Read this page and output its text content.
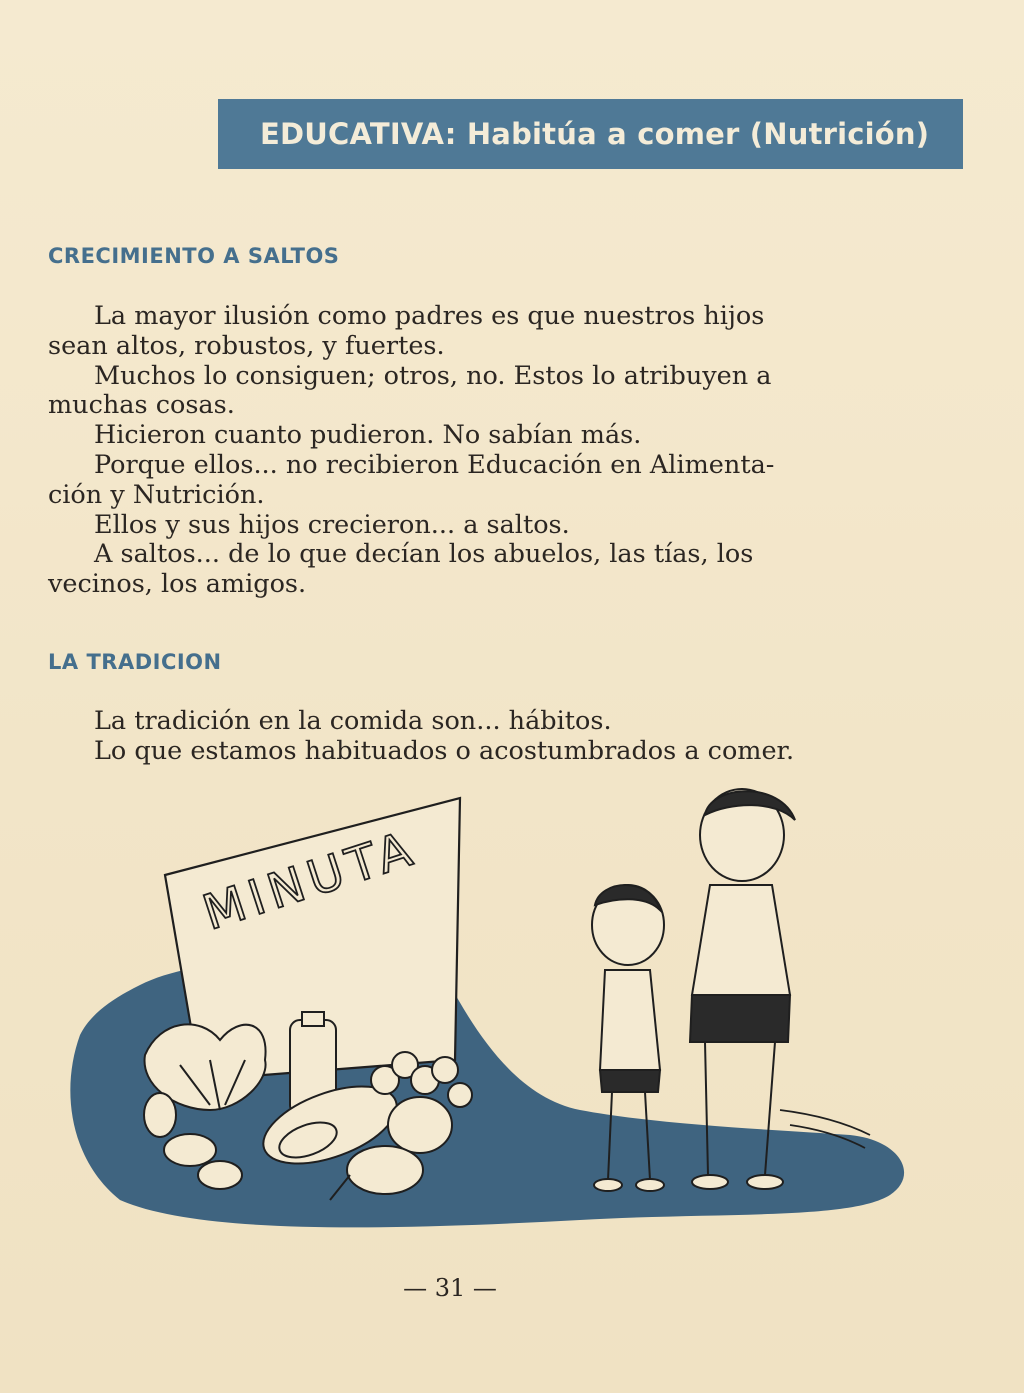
EDUCATIVA: Habitúa a comer (Nutrición)
CRECIMIENTO A SALTOS
La mayor ilusión como padres es que nuestros hijos
sean altos, robustos, y fuertes.
Muchos lo consiguen; otros, no. Estos lo atribuyen a
muchas cosas.
Hicieron cuanto pudieron. No sabían más.
Porque ellos... no recibieron Educación en Alimenta-
ción y Nutrición.
Ellos y sus hijos crecieron... a saltos.
A saltos... de lo que decían los abuelos, las tías, los
vecinos, los amigos.
LA TRADICION
La tradición en la comida son... hábitos.
Lo que estamos habituados o acostumbrados a comer.
MINUTA
— 31 —
